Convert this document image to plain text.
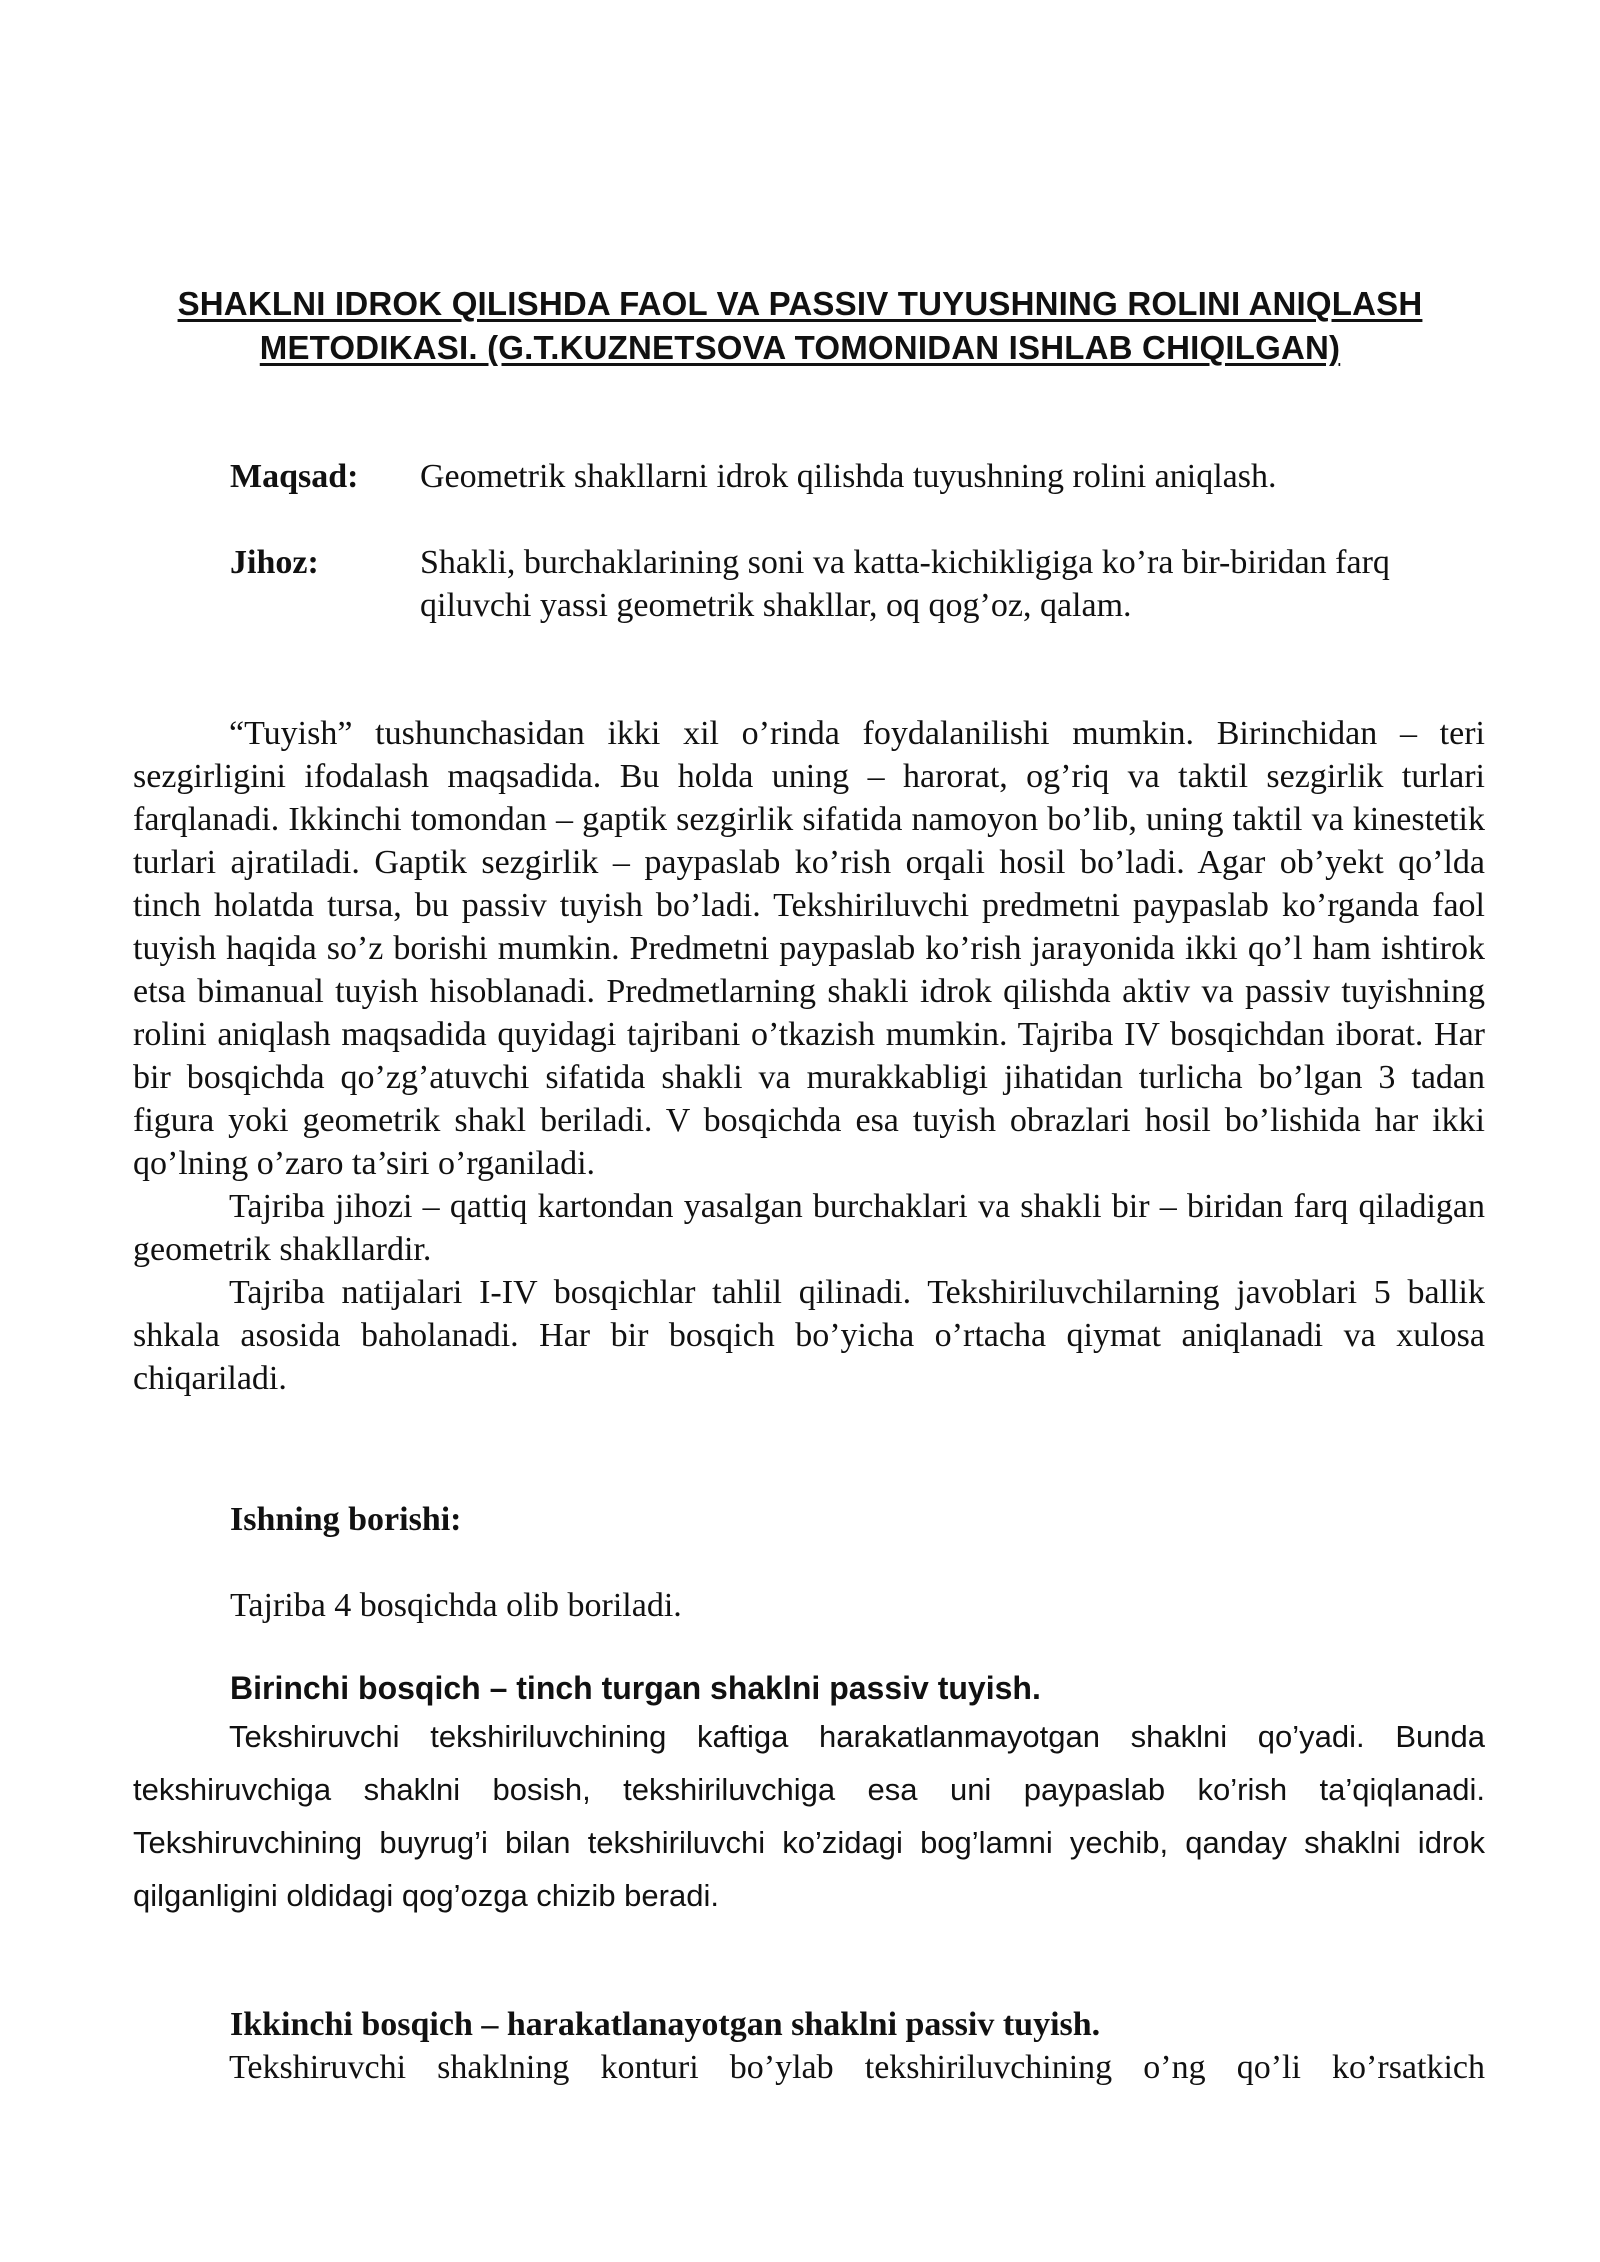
SHAKLNI IDROK QILISHDA FAOL VA PASSIV TUYUSHNING ROLINI ANIQLASH METODIKASI. (G.T.KUZNETSOVA TOMONIDAN ISHLAB CHIQILGAN)
Maqsad: Geometrik shakllarni idrok qilishda tuyushning rolini aniqlash.
Jihoz:	Shakli, burchaklarining soni va katta-kichikligiga ko’ra bir-biridan farq qiluvchi yassi geometrik shakllar, oq qog’oz, qalam.

“Tuyish” tushunchasidan ikki xil o’rinda foydalanilishi mumkin. Birinchidan – teri sezgirligini ifodalash maqsadida. Bu holda uning – harorat, og’riq va taktil sezgirlik turlari farqlanadi. Ikkinchi tomondan – gaptik sezgirlik sifatida namoyon bo’lib, uning taktil va kinestetik turlari ajratiladi. Gaptik sezgirlik – paypaslab ko’rish orqali hosil bo’ladi. Agar ob’yekt qo’lda tinch holatda tursa, bu passiv tuyish bo’ladi. Tekshiriluvchi predmetni paypaslab ko’rganda faol tuyish haqida so’z borishi mumkin. Predmetni paypaslab ko’rish jarayonida ikki qo’l ham ishtirok etsa bimanual tuyish hisoblanadi. Predmetlarning shakli idrok qilishda aktiv va passiv tuyishning rolini aniqlash maqsadida quyidagi tajribani o’tkazish mumkin. Tajriba IV bosqichdan iborat. Har bir bosqichda qo’zg’atuvchi sifatida shakli va murakkabligi jihatidan turlicha bo’lgan 3 tadan figura yoki geometrik shakl beriladi. V bosqichda esa tuyish obrazlari hosil bo’lishida har ikki qo’lning o’zaro ta’siri o’rganiladi.

Tajriba jihozi – qattiq kartondan yasalgan burchaklari va shakli bir – biridan farq qiladigan geometrik shakllardir.

Tajriba natijalari I-IV bosqichlar tahlil qilinadi. Tekshiriluvchilarning javoblari 5 ballik shkala asosida baholanadi. Har bir bosqich bo’yicha o’rtacha qiymat aniqlanadi va xulosa chiqariladi.

Ishning borishi:
Tajriba 4 bosqichda olib boriladi.
Birinchi bosqich – tinch turgan shaklni passiv tuyish.

Tekshiruvchi tekshiriluvchining kaftiga harakatlanmayotgan shaklni qo’yadi. Bunda tekshiruvchiga shaklni bosish, tekshiriluvchiga esa uni paypaslab ko’rish ta’qiqlanadi. Tekshiruvchining buyrug’i bilan tekshiriluvchi ko’zidagi bog’lamni yechib, qanday shaklni idrok qilganligini oldidagi qog’ozga chizib beradi.

Ikkinchi bosqich – harakatlanayotgan shaklni passiv tuyish.

Tekshiruvchi shaklning konturi bo’ylab tekshiriluvchining o’ng qo’li ko’rsatkich
